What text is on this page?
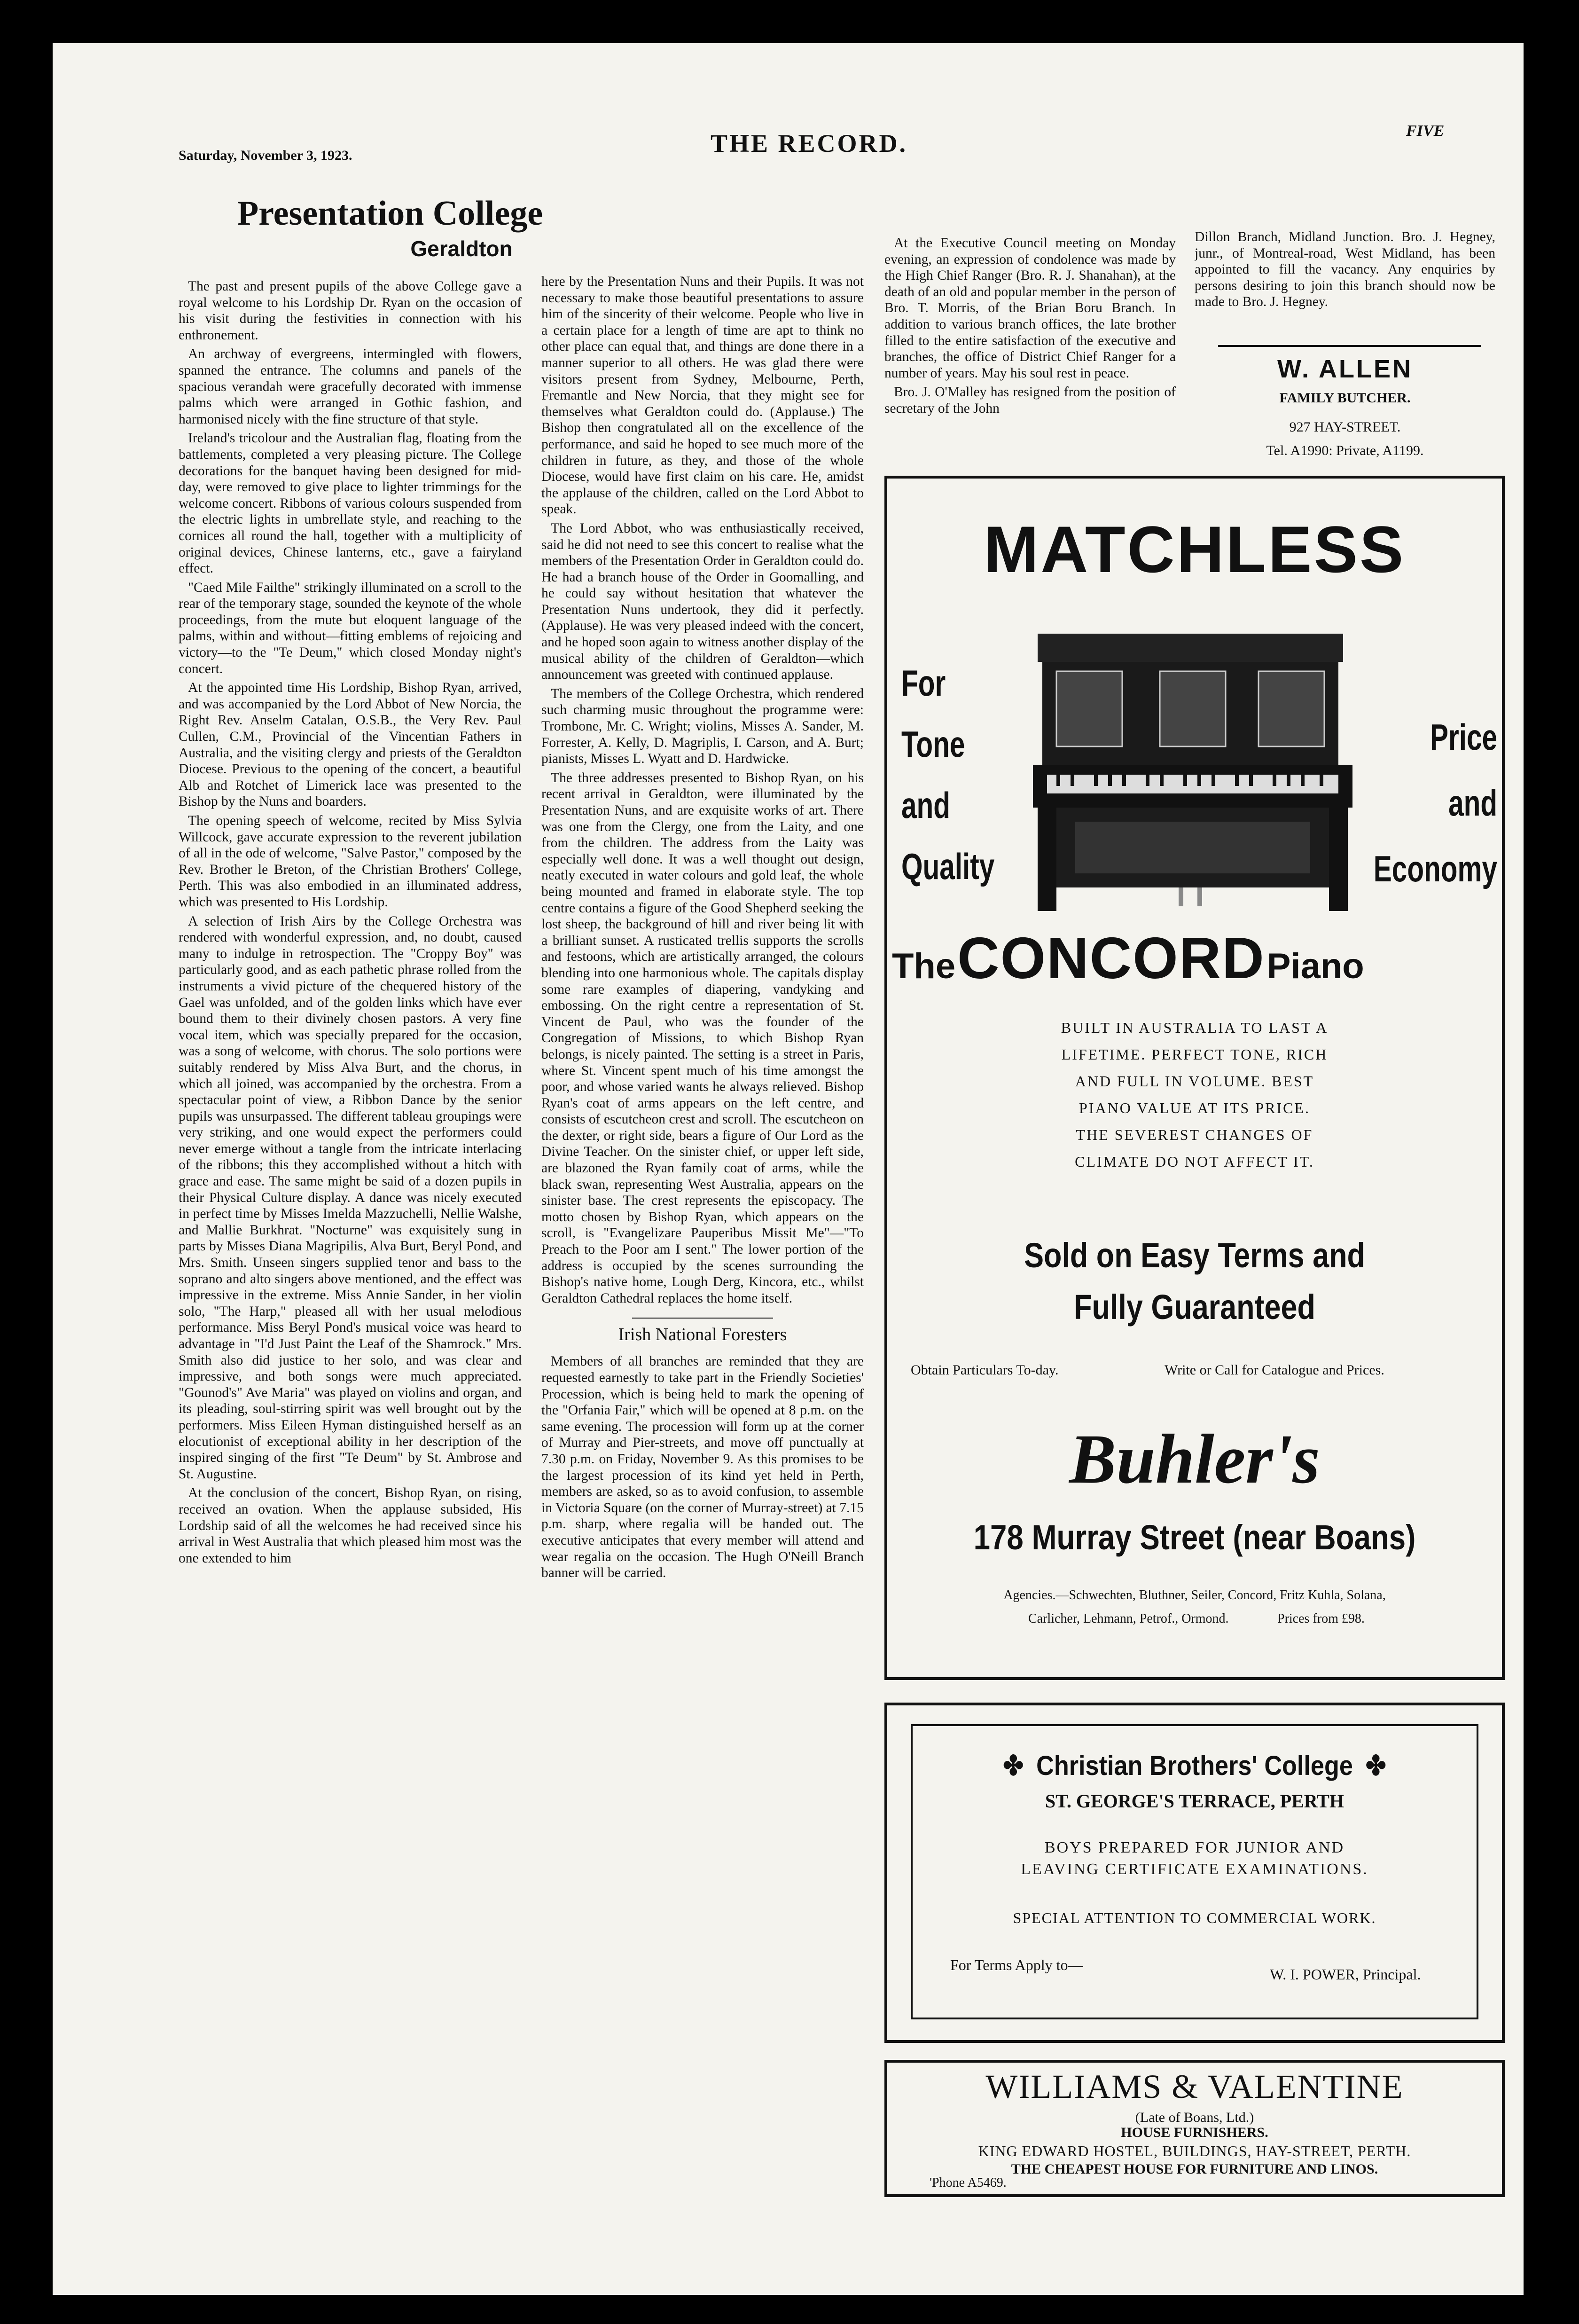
Saturday, November 3, 1923.	THE RECORD.	FIVE
Presentation College
Geraldton

The past and present pupils of the above College gave a royal welcome to his Lordship Dr. Ryan on the occasion of his visit during the festivities in connection with his enthronement.

An archway of evergreens, intermingled with flowers, spanned the entrance. The columns and panels of the spacious verandah were gracefully decorated with immense palms which were arranged in Gothic fashion, and harmonised nicely with the fine structure of that style.

Ireland's tricolour and the Australian flag, floating from the battlements, completed a very pleasing picture. The College decorations for the banquet having been designed for mid-day, were removed to give place to lighter trimmings for the welcome concert. Ribbons of various colours suspended from the electric lights in umbrellate style, and reaching to the cornices all round the hall, together with a multiplicity of original devices, Chinese lanterns, etc., gave a fairyland effect.

"Caed Mile Failthe" strikingly illuminated on a scroll to the rear of the temporary stage, sounded the keynote of the whole proceedings, from the mute but eloquent language of the palms, within and without—fitting emblems of rejoicing and victory—to the "Te Deum," which closed Monday night's concert.

At the appointed time His Lordship, Bishop Ryan, arrived, and was accompanied by the Lord Abbot of New Norcia, the Right Rev. Anselm Catalan, O.S.B., the Very Rev. Paul Cullen, C.M., Provincial of the Vincentian Fathers in Australia, and the visiting clergy and priests of the Geraldton Diocese. Previous to the opening of the concert, a beautiful Alb and Rotchet of Limerick lace was presented to the Bishop by the Nuns and boarders.

The opening speech of welcome, recited by Miss Sylvia Willcock, gave accurate expression to the reverent jubilation of all in the ode of welcome, "Salve Pastor," composed by the Rev. Brother le Breton, of the Christian Brothers' College, Perth. This was also embodied in an illuminated address, which was presented to His Lordship.

A selection of Irish Airs by the College Orchestra was rendered with wonderful expression, and, no doubt, caused many to indulge in retrospection. The "Croppy Boy" was particularly good, and as each pathetic phrase rolled from the instruments a vivid picture of the chequered history of the Gael was unfolded, and of the golden links which have ever bound them to their divinely chosen pastors. A very fine vocal item, which was specially prepared for the occasion, was a song of welcome, with chorus. The solo portions were suitably rendered by Miss Alva Burt, and the chorus, in which all joined, was accompanied by the orchestra. From a spectacular point of view, a Ribbon Dance by the senior pupils was unsurpassed. The different tableau groupings were very striking, and one would expect the performers could never emerge without a tangle from the intricate interlacing of the ribbons; this they accomplished without a hitch with grace and ease. The same might be said of a dozen pupils in their Physical Culture display. A dance was nicely executed in perfect time by Misses Imelda Mazzuchelli, Nellie Walshe, and Mallie Burkhrat. "Nocturne" was exquisitely sung in parts by Misses Diana Magripilis, Alva Burt, Beryl Pond, and Mrs. Smith. Unseen singers supplied tenor and bass to the soprano and alto singers above mentioned, and the effect was impressive in the extreme. Miss Annie Sander, in her violin solo, "The Harp," pleased all with her usual melodious performance. Miss Beryl Pond's musical voice was heard to advantage in "I'd Just Paint the Leaf of the Shamrock." Mrs. Smith also did justice to her solo, and was clear and impressive, and both songs were much appreciated. "Gounod's" Ave Maria" was played on violins and organ, and its pleading, soul-stirring spirit was well brought out by the performers. Miss Eileen Hyman distinguished herself as an elocutionist of exceptional ability in her description of the inspired singing of the first "Te Deum" by St. Ambrose and St. Augustine.

At the conclusion of the concert, Bishop Ryan, on rising, received an ovation. When the applause subsided, His Lordship said of all the welcomes he had received since his arrival in West Australia that which pleased him most was the one extended to him

here by the Presentation Nuns and their Pupils. It was not necessary to make those beautiful presentations to assure him of the sincerity of their welcome. People who live in a certain place for a length of time are apt to think no other place can equal that, and things are done there in a manner superior to all others. He was glad there were visitors present from Sydney, Melbourne, Perth, Fremantle and New Norcia, that they might see for themselves what Geraldton could do. (Applause.) The Bishop then congratulated all on the excellence of the performance, and said he hoped to see much more of the children in future, as they, and those of the whole Diocese, would have first claim on his care. He, amidst the applause of the children, called on the Lord Abbot to speak.

The Lord Abbot, who was enthusiastically received, said he did not need to see this concert to realise what the members of the Presentation Order in Geraldton could do. He had a branch house of the Order in Goomalling, and he could say without hesitation that whatever the Presentation Nuns undertook, they did it perfectly. (Applause). He was very pleased indeed with the concert, and he hoped soon again to witness another display of the musical ability of the children of Geraldton—which announcement was greeted with continued applause.

The members of the College Orchestra, which rendered such charming music throughout the programme were: Trombone, Mr. C. Wright; violins, Misses A. Sander, M. Forrester, A. Kelly, D. Magriplis, I. Carson, and A. Burt; pianists, Misses L. Wyatt and D. Hardwicke.

The three addresses presented to Bishop Ryan, on his recent arrival in Geraldton, were illuminated by the Presentation Nuns, and are exquisite works of art. There was one from the Clergy, one from the Laity, and one from the children. The address from the Laity was especially well done. It was a well thought out design, neatly executed in water colours and gold leaf, the whole being mounted and framed in elaborate style. The top centre contains a figure of the Good Shepherd seeking the lost sheep, the background of hill and river being lit with a brilliant sunset. A rusticated trellis supports the scrolls and festoons, which are artistically arranged, the colours blending into one harmonious whole. The capitals display some rare examples of diapering, vandyking and embossing. On the right centre a representation of St. Vincent de Paul, who was the founder of the Congregation of Missions, to which Bishop Ryan belongs, is nicely painted. The setting is a street in Paris, where St. Vincent spent much of his time amongst the poor, and whose varied wants he always relieved. Bishop Ryan's coat of arms appears on the left centre, and consists of escutcheon crest and scroll. The escutcheon on the dexter, or right side, bears a figure of Our Lord as the Divine Teacher. On the sinister chief, or upper left side, are blazoned the Ryan family coat of arms, while the black swan, representing West Australia, appears on the sinister base. The crest represents the episcopacy. The motto chosen by Bishop Ryan, which appears on the scroll, is "Evangelizare Pauperibus Missit Me"—"To Preach to the Poor am I sent." The lower portion of the address is occupied by the scenes surrounding the Bishop's native home, Lough Derg, Kincora, etc., whilst Geraldton Cathedral replaces the home itself.

Irish National Foresters

Members of all branches are reminded that they are requested earnestly to take part in the Friendly Societies' Procession, which is being held to mark the opening of the "Orfania Fair," which will be opened at 8 p.m. on the same evening. The procession will form up at the corner of Murray and Pier-streets, and move off punctually at 7.30 p.m. on Friday, November 9. As this promises to be the largest procession of its kind yet held in Perth, members are asked, so as to avoid confusion, to assemble in Victoria Square (on the corner of Murray-street) at 7.15 p.m. sharp, where regalia will be handed out. The executive anticipates that every member will attend and wear regalia on the occasion. The Hugh O'Neill Branch banner will be carried.

At the Executive Council meeting on Monday evening, an expression of condolence was made by the High Chief Ranger (Bro. R. J. Shanahan), at the death of an old and popular member in the person of Bro. T. Morris, of the Brian Boru Branch. In addition to various branch offices, the late brother filled to the entire satisfaction of the executive and branches, the office of District Chief Ranger for a number of years. May his soul rest in peace.

Bro. J. O'Malley has resigned from the position of secretary of the John

Dillon Branch, Midland Junction. Bro. J. Hegney, junr., of Montreal-road, West Midland, has been appointed to fill the vacancy. Any enquiries by persons desiring to join this branch should now be made to Bro. J. Hegney.

W. ALLEN
FAMILY BUTCHER.
927 HAY-STREET.
Tel. A1990: Private, A1199.
MATCHLESS
For
Tone
and
Quality
Price
and
Economy
The CONCORD Piano
BUILT IN AUSTRALIA TO LAST A
LIFETIME. PERFECT TONE, RICH
AND FULL IN VOLUME. BEST
PIANO VALUE AT ITS PRICE.
THE SEVEREST CHANGES OF
CLIMATE DO NOT AFFECT IT.
Sold on Easy Terms and
Fully Guaranteed
Obtain Particulars To-day.	Write or Call for Catalogue and Prices.
Buhler's
178 Murray Street (near Boans)
Agencies.—Schwechten, Bluthner, Seiler, Concord, Fritz Kuhla, Solana,
Carlicher, Lehmann, Petrof., Ormond.	Prices from £98.
✤ Christian Brothers' College ✤
ST. GEORGE'S TERRACE, PERTH
BOYS PREPARED FOR JUNIOR AND
LEAVING CERTIFICATE EXAMINATIONS.
SPECIAL ATTENTION TO COMMERCIAL WORK.
For Terms Apply to—
W. I. POWER, Principal.
WILLIAMS & VALENTINE
(Late of Boans, Ltd.)
HOUSE FURNISHERS.
KING EDWARD HOSTEL, BUILDINGS, HAY-STREET, PERTH.
THE CHEAPEST HOUSE FOR FURNITURE AND LINOS.
'Phone A5469.
